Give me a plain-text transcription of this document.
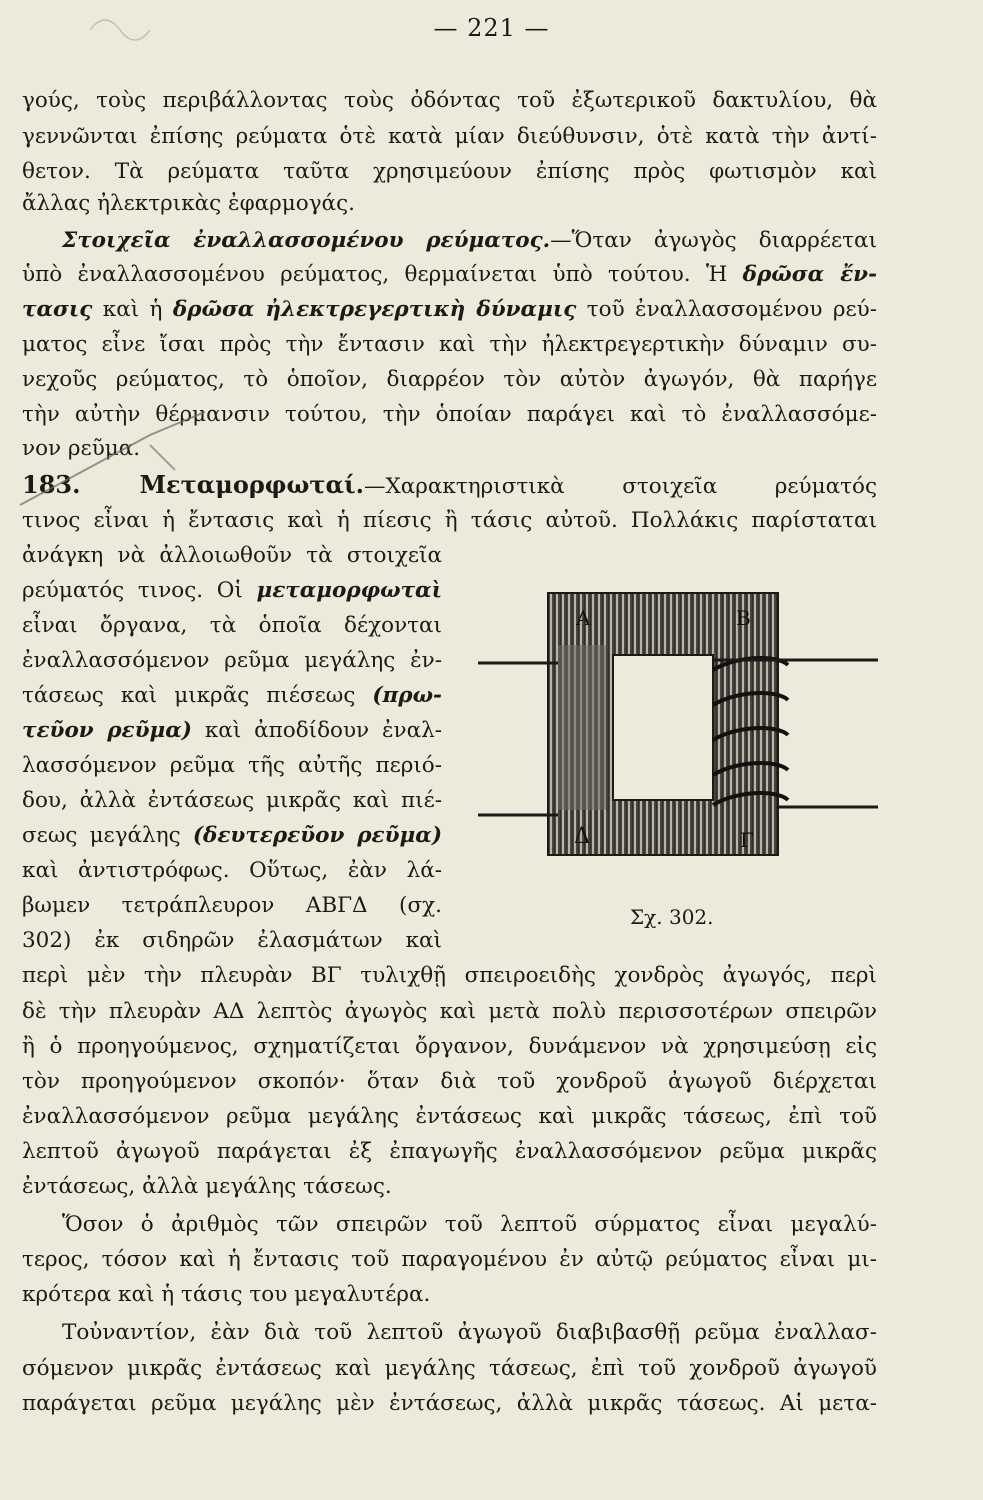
— 221 —
γούς, τοὺς περιβάλλοντας τοὺς ὀδόντας τοῦ ἐξωτερικοῦ δακτυλίου, θὰ
γεννῶνται ἐπίσης ρεύματα ὁτὲ κατὰ μίαν διεύθυνσιν, ὁτὲ κατὰ τὴν ἀντί-
θετον. Τὰ ρεύματα ταῦτα χρησιμεύουν ἐπίσης πρὸς φωτισμὸν καὶ
ἄλλας ἠλεκτρικὰς ἐφαρμογάς.
Στοιχεῖα ἐναλλασσομένου ρεύματος.—Ὅταν ἀγωγὸς διαρρέεται
ὑπὸ ἐναλλασσομένου ρεύματος, θερμαίνεται ὑπὸ τούτου. Ἡ δρῶσα ἔν-
τασις καὶ ἡ δρῶσα ἠλεκτρεγερτικὴ δύναμις τοῦ ἐναλλασσομένου ρεύ-
ματος εἶνε ἴσαι πρὸς τὴν ἔντασιν καὶ τὴν ἠλεκτρεγερτικὴν δύναμιν συ-
νεχοῦς ρεύματος, τὸ ὁποῖον, διαρρέον τὸν αὐτὸν ἀγωγόν, θὰ παρήγε
τὴν αὐτὴν θέρμανσιν τούτου, τὴν ὁποίαν παράγει καὶ τὸ ἐναλλασσόμε-
νον ρεῦμα.
183. Μεταμορφωταί.—Χαρακτηριστικὰ στοιχεῖα ρεύματός
τινος εἶναι ἡ ἔντασις καὶ ἡ πίεσις ἢ τάσις αὐτοῦ. Πολλάκις παρίσταται
ἀνάγκη νὰ ἀλλοιωθοῦν τὰ στοιχεῖα
ρεύματός τινος. Οἱ μεταμορφωταὶ
εἶναι ὄργανα, τὰ ὁποῖα δέχονται
ἐναλλασσόμενον ρεῦμα μεγάλης ἐν-
τάσεως καὶ μικρᾶς πιέσεως (πρω-
τεῦον ρεῦμα) καὶ ἀποδίδουν ἐναλ-
λασσόμενον ρεῦμα τῆς αὐτῆς περιό-
δου, ἀλλὰ ἐντάσεως μικρᾶς καὶ πιέ-
σεως μεγάλης (δευτερεῦον ρεῦμα)
καὶ ἀντιστρόφως. Οὕτως, ἐὰν λά-
βωμεν τετράπλευρον ΑΒΓΔ (σχ.
302) ἐκ σιδηρῶν ἐλασμάτων καὶ
περὶ μὲν τὴν πλευρὰν ΒΓ τυλιχθῇ σπειροειδὴς χονδρὸς ἀγωγός, περὶ
δὲ τὴν πλευρὰν ΑΔ λεπτὸς ἀγωγὸς καὶ μετὰ πολὺ περισσοτέρων σπειρῶν
ἢ ὁ προηγούμενος, σχηματίζεται ὄργανον, δυνάμενον νὰ χρησιμεύσῃ εἰς
τὸν προηγούμενον σκοπόν· ὅταν διὰ τοῦ χονδροῦ ἀγωγοῦ διέρχεται
ἐναλλασσόμενον ρεῦμα μεγάλης ἐντάσεως καὶ μικρᾶς τάσεως, ἐπὶ τοῦ
λεπτοῦ ἀγωγοῦ παράγεται ἐξ ἐπαγωγῆς ἐναλλασσόμενον ρεῦμα μικρᾶς
ἐντάσεως, ἀλλὰ μεγάλης τάσεως.
Ὅσον ὁ ἀριθμὸς τῶν σπειρῶν τοῦ λεπτοῦ σύρματος εἶναι μεγαλύ-
τερος, τόσον καὶ ἡ ἔντασις τοῦ παραγομένου ἐν αὐτῷ ρεύματος εἶναι μι-
κρότερα καὶ ἡ τάσις του μεγαλυτέρα.
Τοὐναντίον, ἐὰν διὰ τοῦ λεπτοῦ ἀγωγοῦ διαβιβασθῇ ρεῦμα ἐναλλασ-
σόμενον μικρᾶς ἐντάσεως καὶ μεγάλης τάσεως, ἐπὶ τοῦ χονδροῦ ἀγωγοῦ
παράγεται ρεῦμα μεγάλης μὲν ἐντάσεως, ἀλλὰ μικρᾶς τάσεως. Αἱ μετα-
Α	Β
Δ	Γ
Σχ. 302.
